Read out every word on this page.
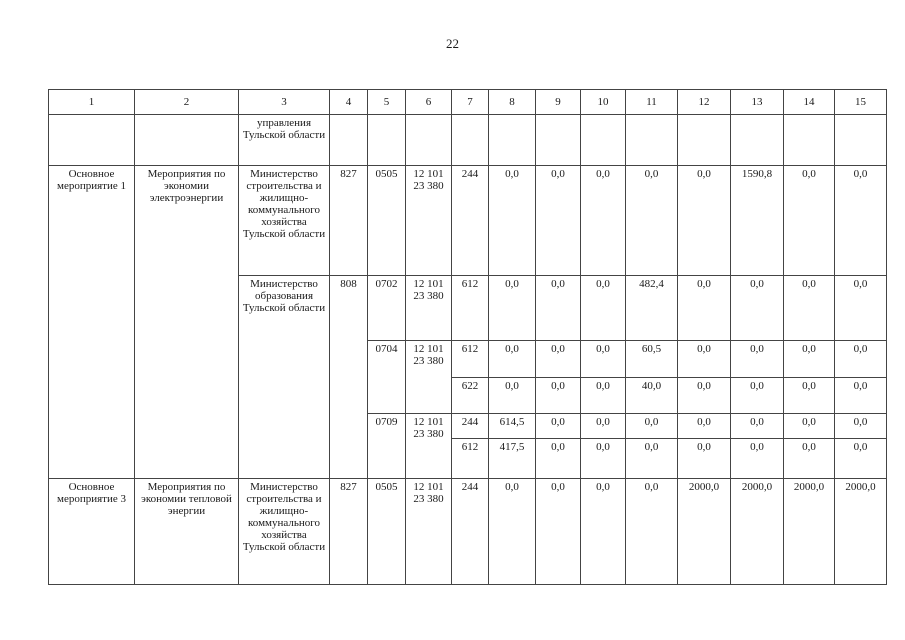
22
1	2	3	4	5	6	7	8	9	10	11	12	13	14	15
		управления Тульской области												
Основное мероприятие 1	Мероприятия по экономии электроэнергии	Министерство строительства и жилищно-коммунального хозяйства Тульской области	827	0505	12 101 23 380	244	0,0	0,0	0,0	0,0	0,0	1590,8	0,0	0,0
		Министерство образования Тульской области	808	0702	12 101 23 380	612	0,0	0,0	0,0	482,4	0,0	0,0	0,0	0,0
				0704	12 101 23 380	612	0,0	0,0	0,0	60,5	0,0	0,0	0,0	0,0
						622	0,0	0,0	0,0	40,0	0,0	0,0	0,0	0,0
				0709	12 101 23 380	244	614,5	0,0	0,0	0,0	0,0	0,0	0,0	0,0
						612	417,5	0,0	0,0	0,0	0,0	0,0	0,0	0,0
Основное мероприятие 3	Мероприятия по экономии тепловой энергии	Министерство строительства и жилищно-коммунального хозяйства Тульской области	827	0505	12 101 23 380	244	0,0	0,0	0,0	0,0	2000,0	2000,0	2000,0	2000,0
